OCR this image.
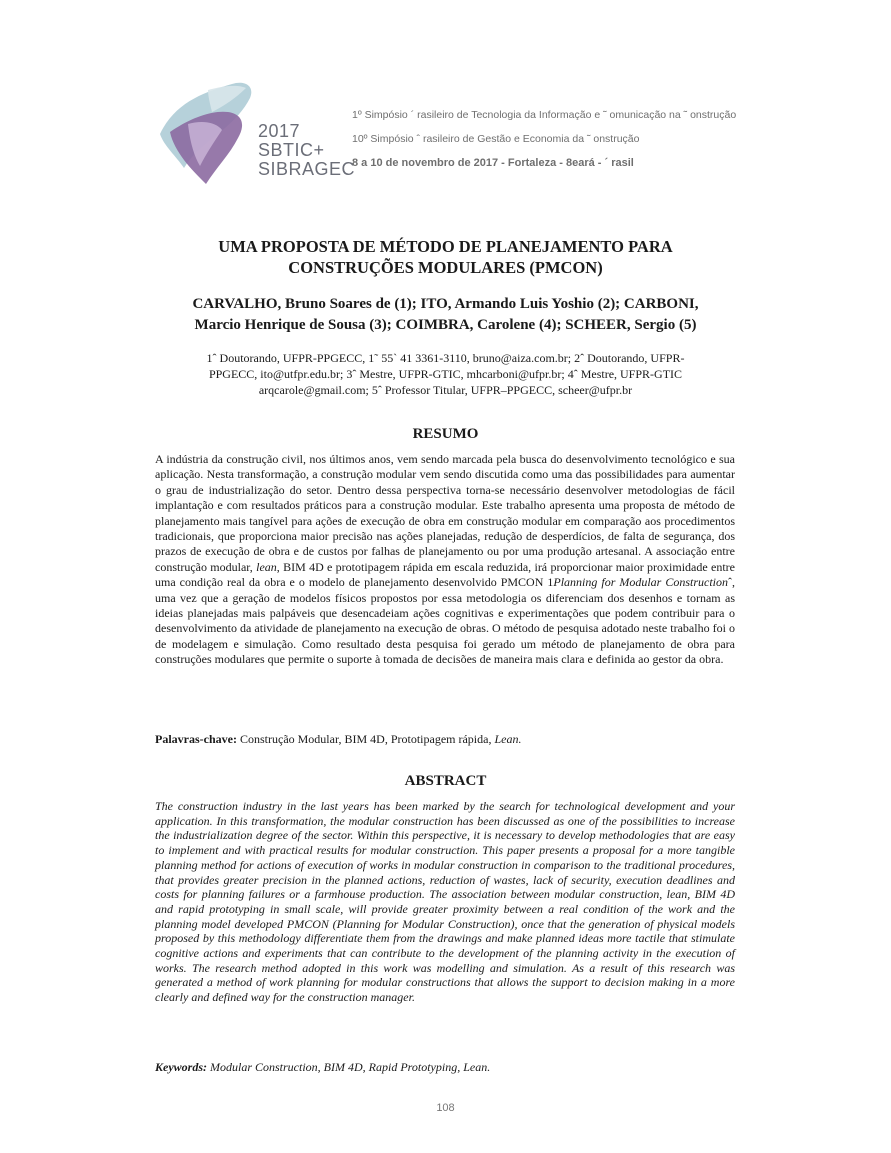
2017
SBTIC+
SIBRAGEC
1º Simpósio ´ rasileiro de Tecnologia da Informação e ˜ omunicação na ˜ onstrução
10º Simpósio ˆ rasileiro de Gestão e Economia da ˜ onstrução
8 a 10 de novembro de 2017 - Fortaleza - 8eará - ´ rasil
UMA PROPOSTA DE MÉTODO DE PLANEJAMENTO PARA
CONSTRUÇÕES MODULARES (PMCON)
CARVALHO, Bruno Soares de (1); ITO, Armando Luis Yoshio (2); CARBONI,
Marcio Henrique de Sousa (3); COIMBRA, Carolene (4); SCHEER, Sergio (5)
1ˆ Doutorando, UFPR-PPGECC, 1˜ 55` 41 3361-3110, bruno@aiza.com.br; 2ˆ Doutorando, UFPR-
PPGECC, ito@utfpr.edu.br; 3ˆ Mestre, UFPR-GTIC, mhcarboni@ufpr.br; 4ˆ Mestre, UFPR-GTIC
arqcarole@gmail.com; 5ˆ Professor Titular, UFPR–PPGECC, scheer@ufpr.br
RESUMO
A indústria da construção civil, nos últimos anos, vem sendo marcada pela busca do desenvolvimento tecnológico e sua aplicação. Nesta transformação, a construção modular vem sendo discutida como uma das possibilidades para aumentar o grau de industrialização do setor. Dentro dessa perspectiva torna-se necessário desenvolver metodologias de fácil implantação e com resultados práticos para a construção modular. Este trabalho apresenta uma proposta de método de planejamento mais tangível para ações de execução de obra em construção modular em comparação aos procedimentos tradicionais, que proporciona maior precisão nas ações planejadas, redução de desperdícios, de falta de segurança, dos prazos de execução de obra e de custos por falhas de planejamento ou por uma produção artesanal. A associação entre construção modular, lean, BIM 4D e prototipagem rápida em escala reduzida, irá proporcionar maior proximidade entre uma condição real da obra e o modelo de planejamento desenvolvido PMCON 1Planning for Modular Constructionˆ, uma vez que a geração de modelos físicos propostos por essa metodologia os diferenciam dos desenhos e tornam as ideias planejadas mais palpáveis que desencadeiam ações cognitivas e experimentações que podem contribuir para o desenvolvimento da atividade de planejamento na execução de obras. O método de pesquisa adotado neste trabalho foi o de modelagem e simulação. Como resultado desta pesquisa foi gerado um método de planejamento de obra para construções modulares que permite o suporte à tomada de decisões de maneira mais clara e definida ao gestor da obra.
Palavras-chave: Construção Modular, BIM 4D, Prototipagem rápida, Lean.
ABSTRACT
The construction industry in the last years has been marked by the search for technological development and your application. In this transformation, the modular construction has been discussed as one of the possibilities to increase the industrialization degree of the sector. Within this perspective, it is necessary to develop methodologies that are easy to implement and with practical results for modular construction. This paper presents a proposal for a more tangible planning method for actions of execution of works in modular construction in comparison to the traditional procedures, that provides greater precision in the planned actions, reduction of wastes, lack of security, execution deadlines and costs for planning failures or a farmhouse production. The association between modular construction, lean, BIM 4D and rapid prototyping in small scale, will provide greater proximity between a real condition of the work and the planning model developed PMCON (Planning for Modular Construction), once that the generation of physical models proposed by this methodology differentiate them from the drawings and make planned ideas more tactile that stimulate cognitive actions and experiments that can contribute to the development of the planning activity in the execution of works. The research method adopted in this work was modelling and simulation. As a result of this research was generated a method of work planning for modular constructions that allows the support to decision making in a more clearly and defined way for the construction manager.
Keywords: Modular Construction, BIM 4D, Rapid Prototyping, Lean.
108
